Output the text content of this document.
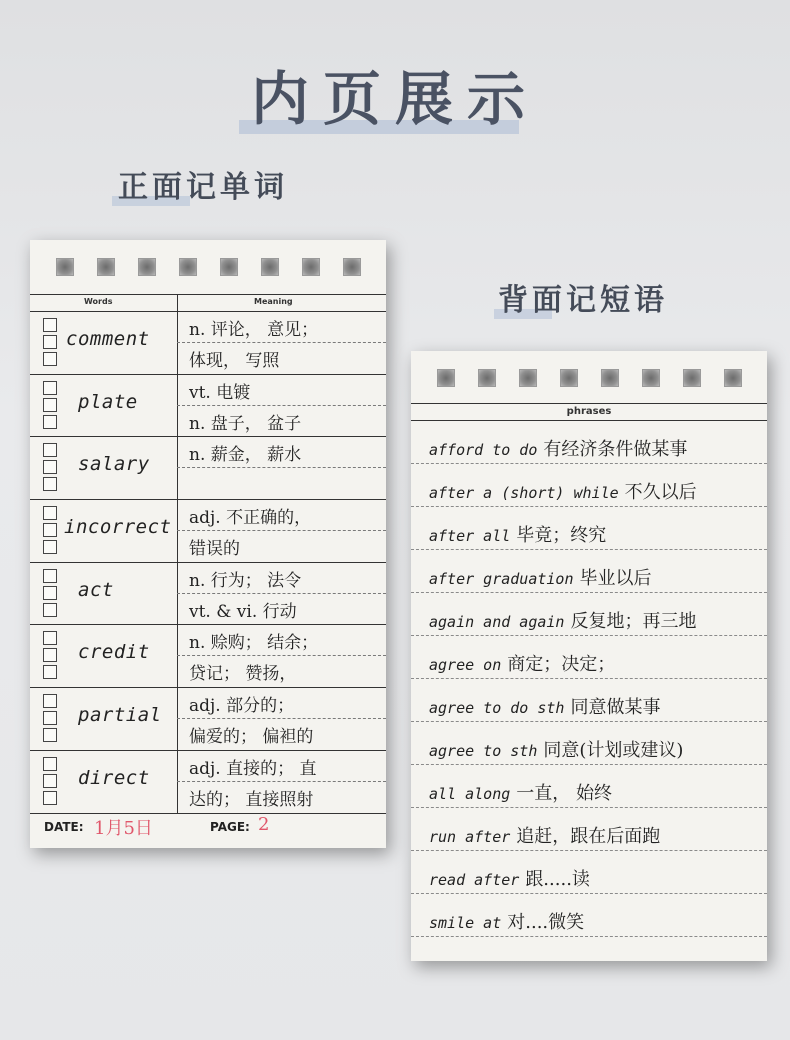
内页展示
正面记单词
背面记短语
Words	Meaning
comment	n. 评论， 意见；
体现， 写照
plate	vt. 电镀
n. 盘子， 盆子
salary	n. 薪金， 薪水
incorrect	adj. 不正确的，
错误的
act	n. 行为； 法令
vt. & vi. 行动
credit	n. 赊购； 结余；
贷记； 赞扬，
partial	adj. 部分的；
偏爱的； 偏袒的
direct	adj. 直接的； 直
达的； 直接照射
DATE: 1月5日	PAGE: 2
phrases
afford to do 有经济条件做某事
after a (short) while 不久以后
after all 毕竟；终究
after graduation 毕业以后
again and again 反复地；再三地
agree on 商定；决定；
agree to do sth 同意做某事
agree to sth 同意(计划或建议)
all along 一直， 始终
run after 追赶，跟在后面跑
read after 跟.....读
smile at 对....微笑
